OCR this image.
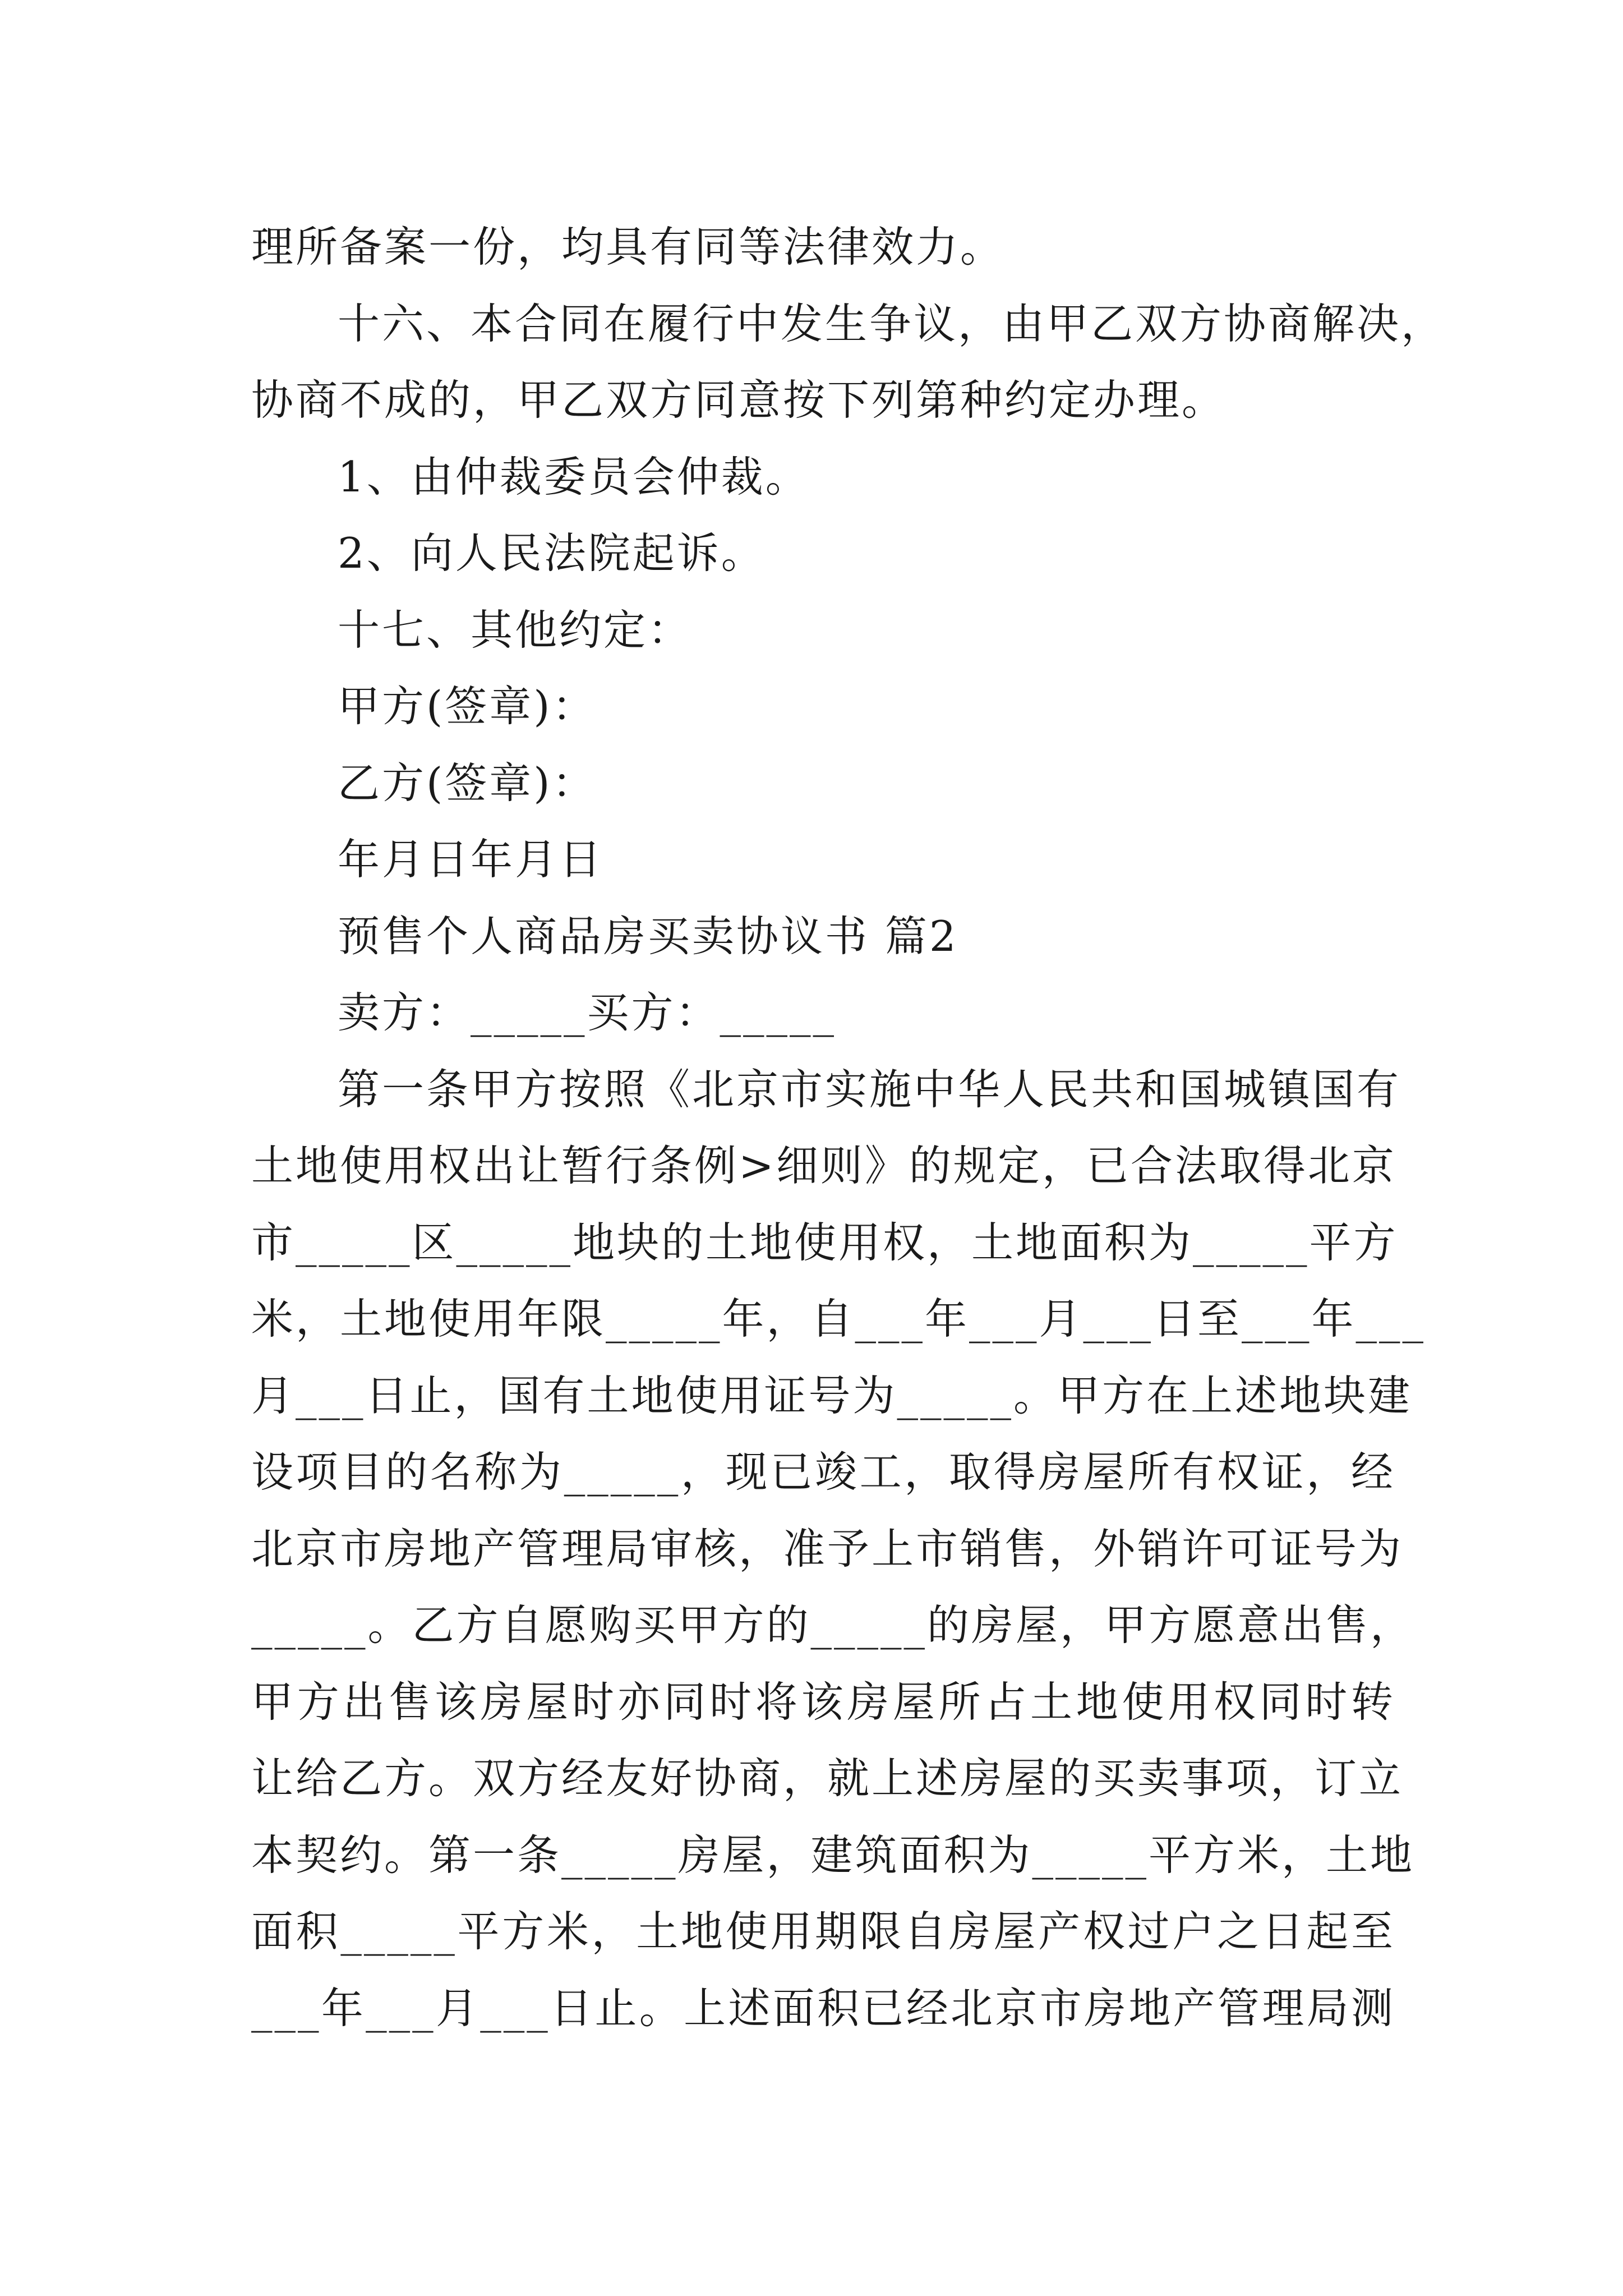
理所备案一份，均具有同等法律效力。
十六、本合同在履行中发生争议，由甲乙双方协商解决，
协商不成的，甲乙双方同意按下列第种约定办理。
1、由仲裁委员会仲裁。
2、向人民法院起诉。
十七、其他约定：
甲方(签章)：
乙方(签章)：
年月日年月日
预售个人商品房买卖协议书 篇2
卖方：_____买方：_____
第一条甲方按照《北京市实施中华人民共和国城镇国有
土地使用权出让暂行条例>细则》的规定，已合法取得北京
市_____区_____地块的土地使用权，土地面积为_____平方
米，土地使用年限_____年，自___年___月___日至___年___
月___日止，国有土地使用证号为_____。甲方在上述地块建
设项目的名称为_____，现已竣工，取得房屋所有权证，经
北京市房地产管理局审核，准予上市销售，外销许可证号为
_____。乙方自愿购买甲方的_____的房屋，甲方愿意出售，
甲方出售该房屋时亦同时将该房屋所占土地使用权同时转
让给乙方。双方经友好协商，就上述房屋的买卖事项，订立
本契约。第一条_____房屋，建筑面积为_____平方米，土地
面积_____平方米，土地使用期限自房屋产权过户之日起至
___年___月___日止。上述面积已经北京市房地产管理局测
